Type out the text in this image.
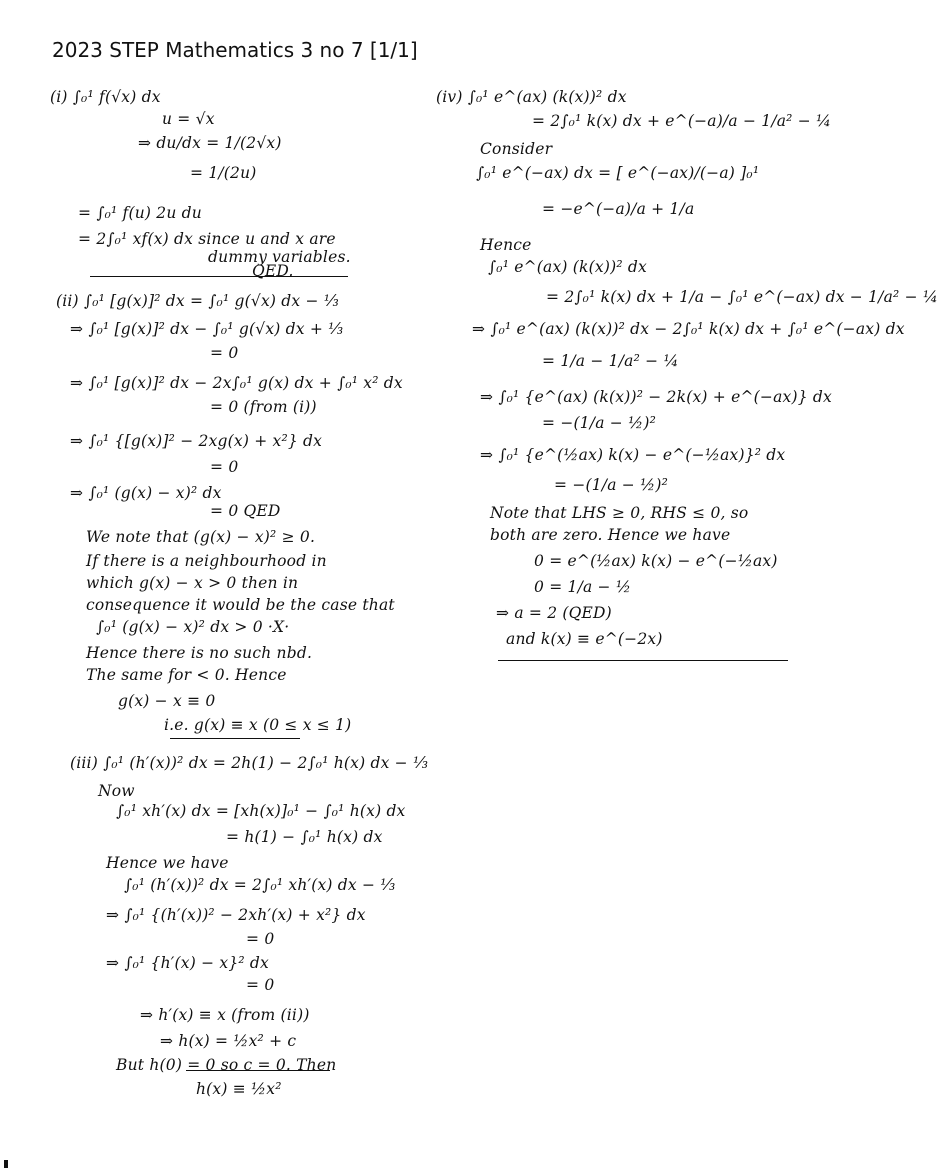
2023 STEP Mathematics 3 no 7 [1/1]
(i) ∫₀¹ f(√x) dx
u = √x
⇒ du/dx = 1/(2√x)
= 1/(2u)
= ∫₀¹ f(u) 2u du
= 2∫₀¹ xf(x) dx since u and x are
dummy variables.
QED.
(ii) ∫₀¹ [g(x)]² dx = ∫₀¹ g(√x) dx − ⅓
⇒ ∫₀¹ [g(x)]² dx − ∫₀¹ g(√x) dx + ⅓
= 0
⇒ ∫₀¹ [g(x)]² dx − 2x∫₀¹ g(x) dx + ∫₀¹ x² dx
= 0 (from (i))
⇒ ∫₀¹ {[g(x)]² − 2xg(x) + x²} dx
= 0
⇒ ∫₀¹ (g(x) − x)² dx
= 0 QED
We note that (g(x) − x)² ≥ 0.
If there is a neighbourhood in
which g(x) − x > 0 then in
consequence it would be the case that
∫₀¹ (g(x) − x)² dx > 0 ·X·
Hence there is no such nbd.
The same for < 0. Hence
g(x) − x ≡ 0
i.e. g(x) ≡ x (0 ≤ x ≤ 1)
(iii) ∫₀¹ (h′(x))² dx = 2h(1) − 2∫₀¹ h(x) dx − ⅓
Now
∫₀¹ xh′(x) dx = [xh(x)]₀¹ − ∫₀¹ h(x) dx
= h(1) − ∫₀¹ h(x) dx
Hence we have
∫₀¹ (h′(x))² dx = 2∫₀¹ xh′(x) dx − ⅓
⇒ ∫₀¹ {(h′(x))² − 2xh′(x) + x²} dx
= 0
⇒ ∫₀¹ {h′(x) − x}² dx
= 0
⇒ h′(x) ≡ x (from (ii))
⇒ h(x) = ½x² + c
But h(0) = 0 so c = 0. Then
h(x) ≡ ½x²
(iv) ∫₀¹ e^(ax) (k(x))² dx
= 2∫₀¹ k(x) dx + e^(−a)/a − 1/a² − ¼
Consider
∫₀¹ e^(−ax) dx = [ e^(−ax)/(−a) ]₀¹
= −e^(−a)/a + 1/a
Hence
∫₀¹ e^(ax) (k(x))² dx
= 2∫₀¹ k(x) dx + 1/a − ∫₀¹ e^(−ax) dx − 1/a² − ¼
⇒ ∫₀¹ e^(ax) (k(x))² dx − 2∫₀¹ k(x) dx + ∫₀¹ e^(−ax) dx
= 1/a − 1/a² − ¼
⇒ ∫₀¹ {e^(ax) (k(x))² − 2k(x) + e^(−ax)} dx
= −(1/a − ½)²
⇒ ∫₀¹ {e^(½ax) k(x) − e^(−½ax)}² dx
= −(1/a − ½)²
Note that LHS ≥ 0, RHS ≤ 0, so
both are zero. Hence we have
0 = e^(½ax) k(x) − e^(−½ax)
0 = 1/a − ½
⇒ a = 2 (QED)
and k(x) ≡ e^(−2x)
